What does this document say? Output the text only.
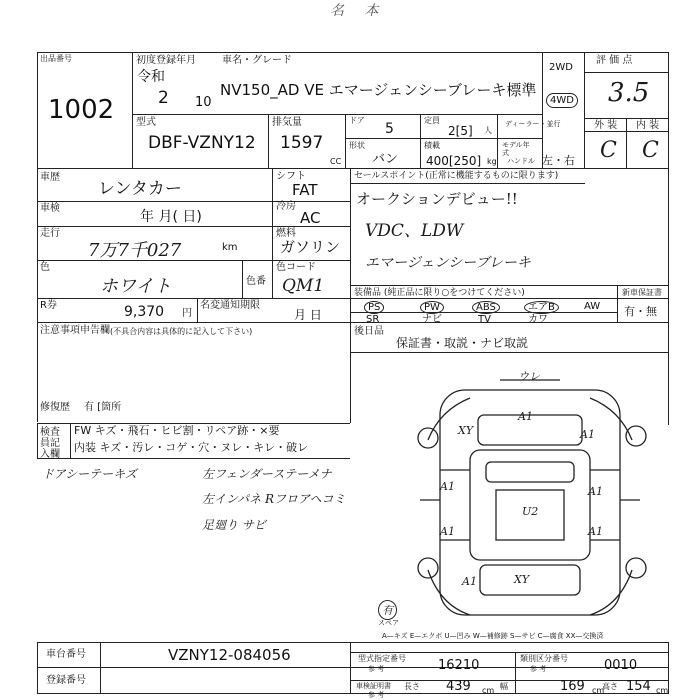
名 本
出品番号
1002
初度登録年月
令和
2 10
車名・グレード
NV150_AD VE エマージェンシーブレーキ標準
2WD
4WD
評 価 点
3.5
型式
DBF-VZNY12
排気量
1597
CC
ドア
5
定員
2[5] 人
形状
バン
積載
400[250] kg
ディーラー・並行
モデル年式
ハンドル 左・右
外 装 内 装
C C
車歴
レンタカー
車検
年 月( 日)
走行
7万7千027	km
シフト
FAT
冷房
AC
燃料
ガソリン
色
ホワイト	色番
色コード
QM1
R券	9,370 円
名変通知期限
月 日
注意事項申告欄 (不具合内容は具体的に記入して下さい)
修復歴 有 [箇所
セールスポイント(正常に機能するものに限ります)
オークションデビュー!!
VDC、LDW
エマージェンシーブレーキ
装備品 (純正品に限り○をつけてください)
PS	PW	ABS	エアB	AW
SR	ナビ	TV	カワ
新車保証書
有・無
後日品
保証書・取説・ナビ取説
検査員記入欄
FW キズ・飛石・ヒビ割・リペア跡・×要
内装 キズ・汚レ・コゲ・穴・ヌレ・キレ・破レ
ドアシーテーキズ	左フェンダーステーメナ
左インパネ Rフロアヘコミ
足廻り サビ
ウレ
A1
XY	A1
A1	A1
U2
A1	A1
XY
A1
有
スペア
A—キズ E—エクボ U—凹み W—補修跡 S—サビ C—腐食 XX—交換済
車台番号	VZNY12-084056
登録番号
型式指定番号
参 考	16210	類別区分番号
参 考	0010
車検証明書
参 考
長さ 439 cm 幅	169 cm
高さ 154 cm
